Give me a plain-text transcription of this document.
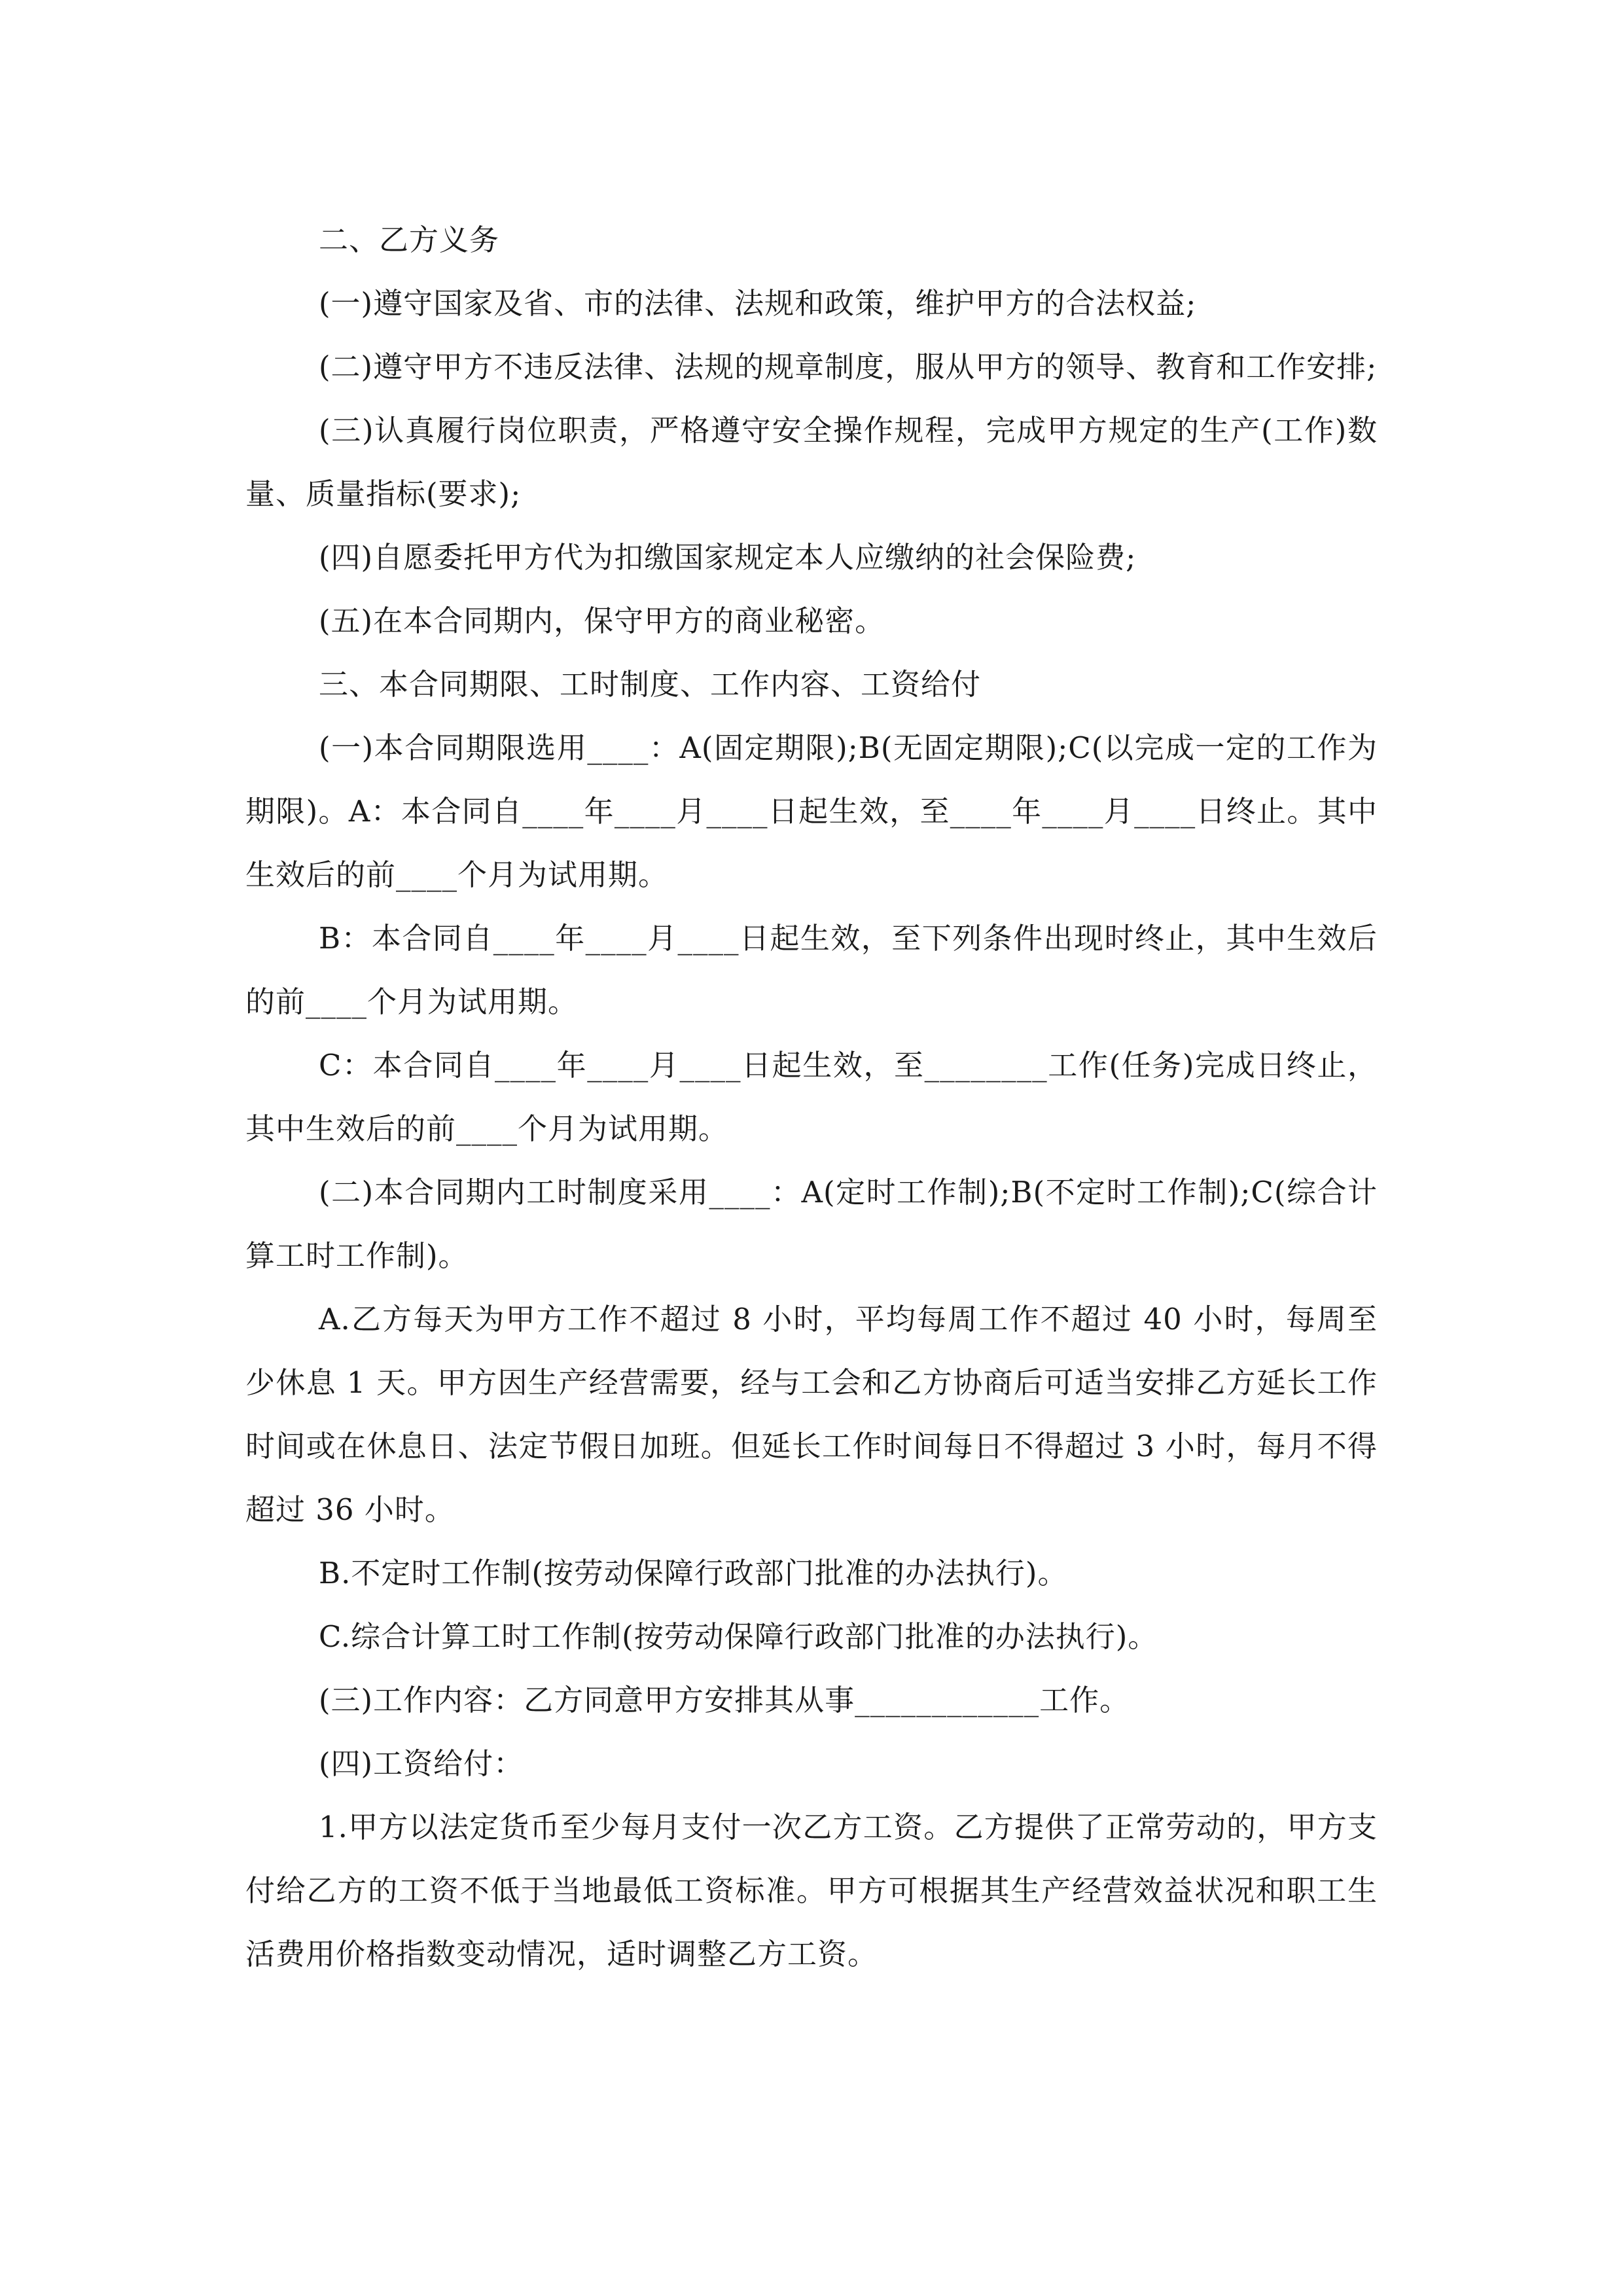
二、乙方义务

(一)遵守国家及省、市的法律、法规和政策，维护甲方的合法权益;

(二)遵守甲方不违反法律、法规的规章制度，服从甲方的领导、教育和工作安排;

(三)认真履行岗位职责，严格遵守安全操作规程，完成甲方规定的生产(工作)数量、质量指标(要求);

(四)自愿委托甲方代为扣缴国家规定本人应缴纳的社会保险费;

(五)在本合同期内，保守甲方的商业秘密。

三、本合同期限、工时制度、工作内容、工资给付

(一)本合同期限选用____：A(固定期限);B(无固定期限);C(以完成一定的工作为期限)。A：本合同自____年____月____日起生效，至____年____月____日终止。其中生效后的前____个月为试用期。

B：本合同自____年____月____日起生效，至下列条件出现时终止，其中生效后的前____个月为试用期。

C：本合同自____年____月____日起生效，至________工作(任务)完成日终止，其中生效后的前____个月为试用期。

(二)本合同期内工时制度采用____：A(定时工作制);B(不定时工作制);C(综合计算工时工作制)。

A.乙方每天为甲方工作不超过 8 小时，平均每周工作不超过 40 小时，每周至少休息 1 天。甲方因生产经营需要，经与工会和乙方协商后可适当安排乙方延长工作时间或在休息日、法定节假日加班。但延长工作时间每日不得超过 3 小时，每月不得超过 36 小时。

B.不定时工作制(按劳动保障行政部门批准的办法执行)。

C.综合计算工时工作制(按劳动保障行政部门批准的办法执行)。

(三)工作内容：乙方同意甲方安排其从事____________工作。

(四)工资给付：

1.甲方以法定货币至少每月支付一次乙方工资。乙方提供了正常劳动的，甲方支付给乙方的工资不低于当地最低工资标准。甲方可根据其生产经营效益状况和职工生活费用价格指数变动情况，适时调整乙方工资。
